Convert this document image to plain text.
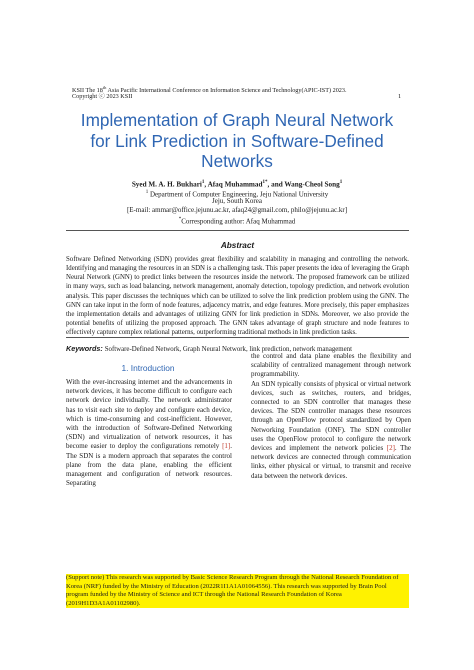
KSII The 18th Asia Pacific International Conference on Information Science and Technology(APIC-IST) 2023.
Copyright ⓒ 2023 KSII	1
Implementation of Graph Neural Network for Link Prediction in Software-Defined Networks
Syed M. A. H. Bukhari$^1$, Afaq Muhammad$^{1*}$, and Wang-Cheol Song$^1$
$^1$ Department of Computer Engineering, Jeju National University
Jeju, South Korea
[E-mail: ammar@office.jejunu.ac.kr, afaq24@gmail.com, philo@jejunu.ac.kr]
*Corresponding author: Afaq Muhammad
Abstract
Software Defined Networking (SDN) provides great flexibility and scalability in managing and controlling the network. Identifying and managing the resources in an SDN is a challenging task. This paper presents the idea of leveraging the Graph Neural Network (GNN) to predict links between the resources inside the network. The proposed framework can be utilized in many ways, such as load balancing, network management, anomaly detection, topology prediction, and network evolution analysis. This paper discusses the techniques which can be utilized to solve the link prediction problem using the GNN. The GNN can take input in the form of node features, adjacency matrix, and edge features. More precisely, this paper emphasizes the implementation details and advantages of utilizing GNN for link prediction in SDNs. Moreover, we also provide the potential benefits of utilizing the proposed approach. The GNN takes advantage of graph structure and node features to effectively capture complex relational patterns, outperforming traditional methods in link prediction tasks.
Keywords: Software-Defined Network, Graph Neural Network, link prediction, network management
1. Introduction

With the ever-increasing internet and the advancements in network devices, it has become difficult to configure each network device individually. The network administrator has to visit each site to deploy and configure each device, which is time-consuming and cost-inefficient. However, with the introduction of Software-Defined Networking (SDN) and virtualization of network resources, it has become easier to deploy the configurations remotely [1]. The SDN is a modern approach that separates the control plane from the data plane, enabling the efficient management and configuration of network resources. Separating

the control and data plane enables the flexibility and scalability of centralized management through network programmability.

An SDN typically consists of physical or virtual network devices, such as switches, routers, and bridges, connected to an SDN controller that manages these devices. The SDN controller manages these resources through an OpenFlow protocol standardized by Open Networking Foundation (ONF). The SDN controller uses the OpenFlow protocol to configure the network devices and implement the network policies [2]. The network devices are connected through communication links, either physical or virtual, to transmit and receive data between the network devices.

(Support note) This research was supported by Basic Science Research Program through the National Research Foundation of Korea (NRF) funded by the Ministry of Education (2022R1I1A1A01064556). This research was supported by Brain Pool program funded by the Ministry of Science and ICT through the National Research Foundation of Korea (2019H1D3A1A01102980).
